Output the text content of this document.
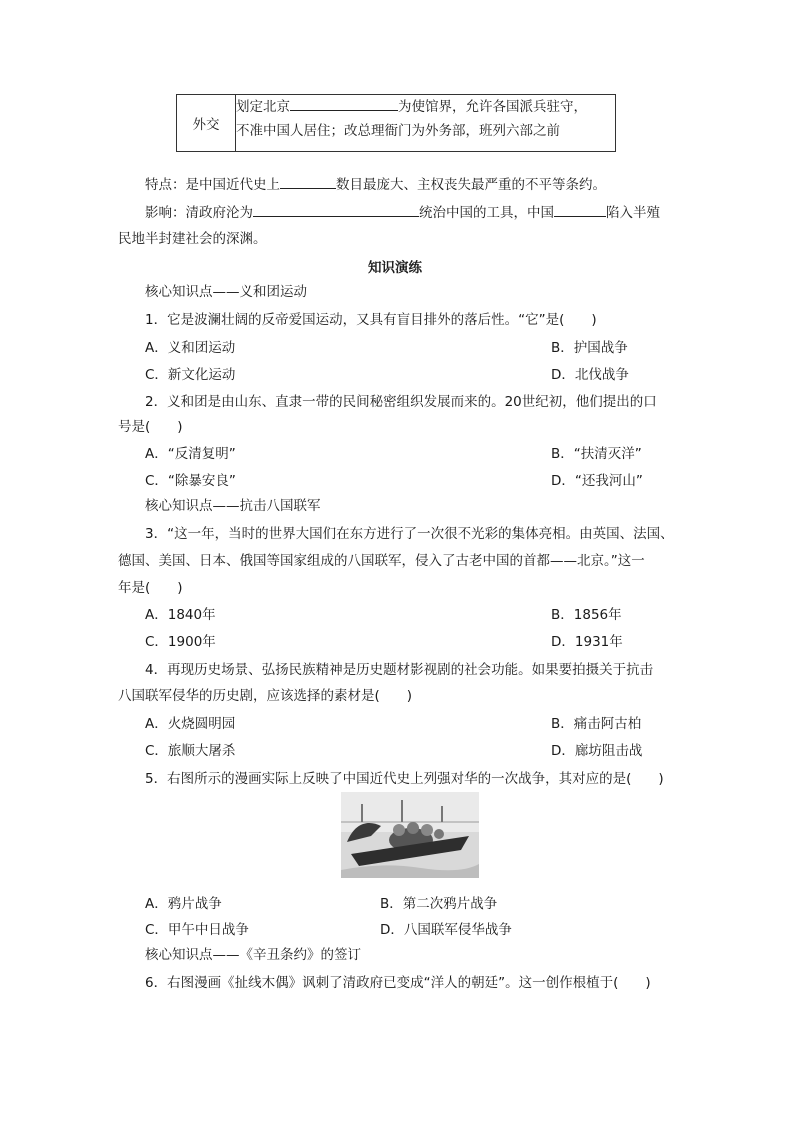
外交	
划定北京	为使馆界，允许各国派兵驻守，
不准中国人居住；改总理衙门为外务部，班列六部之前
特点：是中国近代史上	数目最庞大、主权丧失最严重的不平等条约。
影响：清政府沦为	统治中国的工具，中国	陷入半殖
民地半封建社会的深渊。
知识演练
核心知识点——义和团运动
1．它是波澜壮阔的反帝爱国运动，又具有盲目排外的落后性。“它”是(　　)
A．义和团运动	B．护国战争
C．新文化运动	D．北伐战争
2．义和团是由山东、直隶一带的民间秘密组织发展而来的。20世纪初，他们提出的口
号是(　　)
A．“反清复明”	B．“扶清灭洋”
C．“除暴安良”	D．“还我河山”
核心知识点——抗击八国联军
3．“这一年，当时的世界大国们在东方进行了一次很不光彩的集体亮相。由英国、法国、
德国、美国、日本、俄国等国家组成的八国联军，侵入了古老中国的首都——北京。”这一
年是(　　)
A．1840年	B．1856年
C．1900年	D．1931年
4．再现历史场景、弘扬民族精神是历史题材影视剧的社会功能。如果要拍摄关于抗击
八国联军侵华的历史剧，应该选择的素材是(　　)
A．火烧圆明园	B．痛击阿古柏
C．旅顺大屠杀	D．廊坊阻击战
5．右图所示的漫画实际上反映了中国近代史上列强对华的一次战争，其对应的是(　　)
A．鸦片战争	B．第二次鸦片战争
C．甲午中日战争	D．八国联军侵华战争
核心知识点——《辛丑条约》的签订
6．右图漫画《扯线木偶》讽刺了清政府已变成“洋人的朝廷”。这一创作根植于(　　)
